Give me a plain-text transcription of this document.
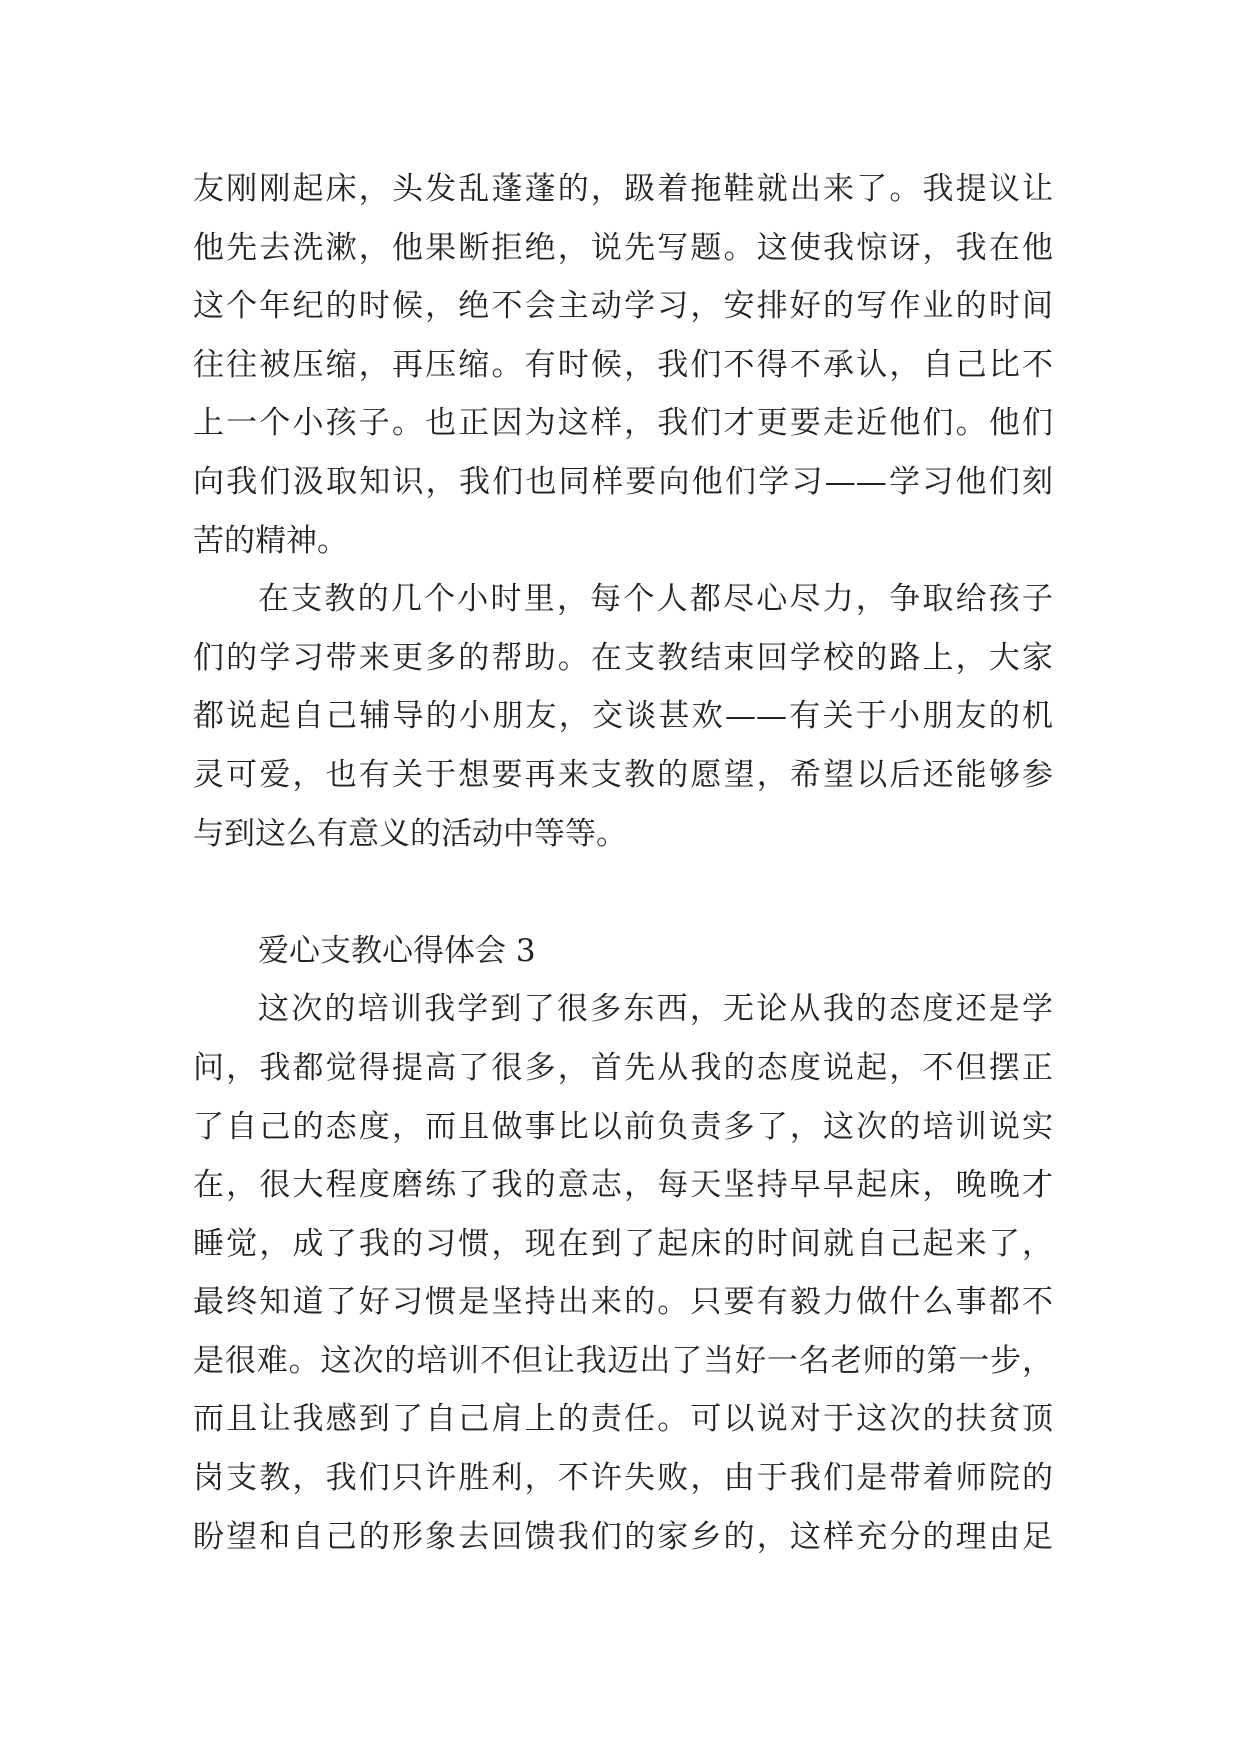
友刚刚起床，头发乱蓬蓬的，趿着拖鞋就出来了。我提议让
他先去洗漱，他果断拒绝，说先写题。这使我惊讶，我在他
这个年纪的时候，绝不会主动学习，安排好的写作业的时间
往往被压缩，再压缩。有时候，我们不得不承认，自己比不
上一个小孩子。也正因为这样，我们才更要走近他们。他们
向我们汲取知识，我们也同样要向他们学习——学习他们刻
苦的精神。
在支教的几个小时里，每个人都尽心尽力，争取给孩子
们的学习带来更多的帮助。在支教结束回学校的路上，大家
都说起自己辅导的小朋友，交谈甚欢——有关于小朋友的机
灵可爱，也有关于想要再来支教的愿望，希望以后还能够参
与到这么有意义的活动中等等。
爱心支教心得体会 3
这次的培训我学到了很多东西，无论从我的态度还是学
问，我都觉得提高了很多，首先从我的态度说起，不但摆正
了自己的态度，而且做事比以前负责多了，这次的培训说实
在，很大程度磨练了我的意志，每天坚持早早起床，晚晚才
睡觉，成了我的习惯，现在到了起床的时间就自己起来了，
最终知道了好习惯是坚持出来的。只要有毅力做什么事都不
是很难。这次的培训不但让我迈出了当好一名老师的第一步，
而且让我感到了自己肩上的责任。可以说对于这次的扶贫顶
岗支教，我们只许胜利，不许失败，由于我们是带着师院的
盼望和自己的形象去回馈我们的家乡的，这样充分的理由足
